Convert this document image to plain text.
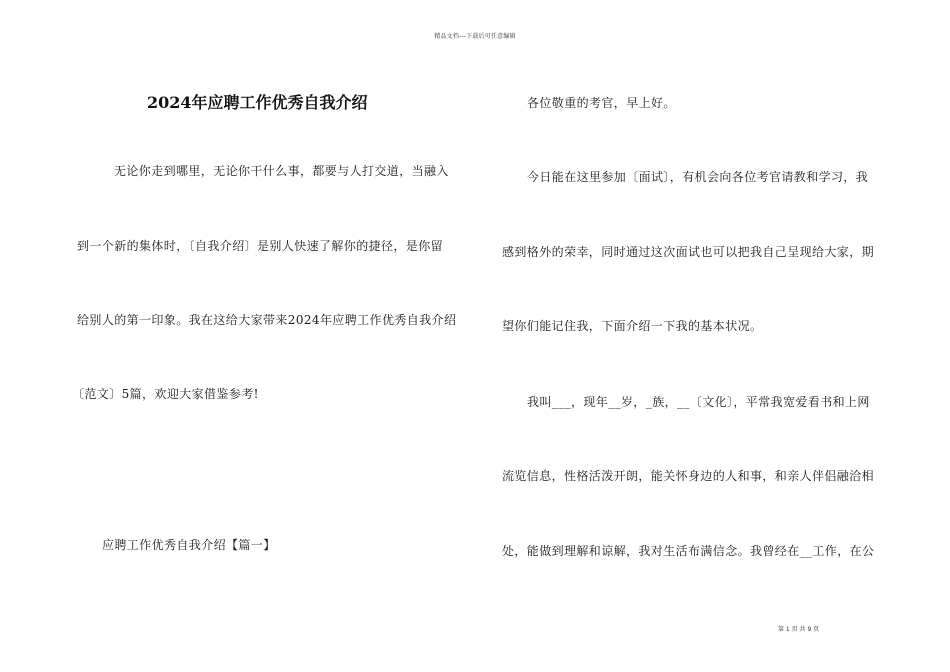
精品文档---下载后可任意编辑
2024年应聘工作优秀自我介绍
无论你走到哪里，无论你干什么事，都要与人打交道，当融入
到一个新的集体时，〔自我介绍〕是别人快速了解你的捷径，是你留
给别人的第一印象。我在这给大家带来2024年应聘工作优秀自我介绍
〔范文〕5篇，欢迎大家借鉴参考!
应聘工作优秀自我介绍【篇一】
各位敬重的考官，早上好。
今日能在这里参加〔面试〕，有机会向各位考官请教和学习，我
感到格外的荣幸，同时通过这次面试也可以把我自己呈现给大家，期
望你们能记住我，下面介绍一下我的基本状况。
我叫___，现年__岁，_族，__〔文化〕，平常我宽爱看书和上网
流览信息，性格活泼开朗，能关怀身边的人和事，和亲人伴侣融洽相
处，能做到理解和谅解，我对生活布满信念。我曾经在__工作，在公
第 1 页 共 9 页
